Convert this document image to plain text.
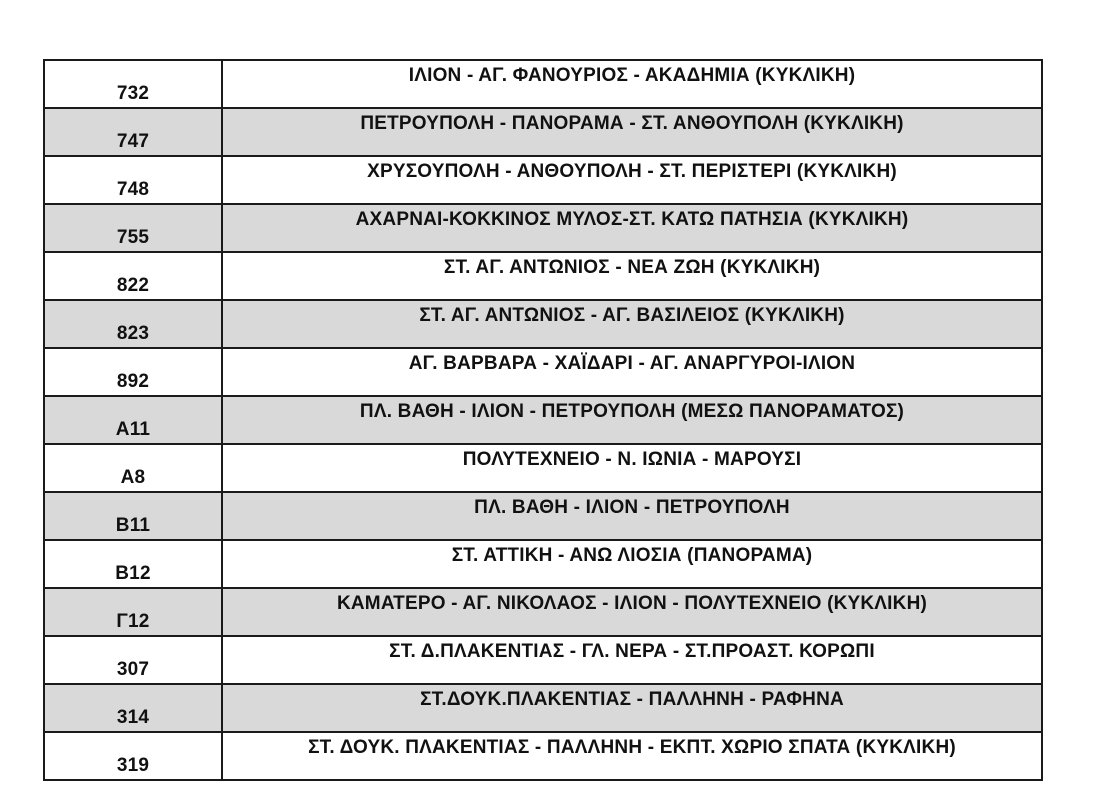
732	ΙΛΙΟΝ - ΑΓ. ΦΑΝΟΥΡΙΟΣ - ΑΚΑΔΗΜΙΑ (ΚΥΚΛΙΚΗ)
747	ΠΕΤΡΟΥΠΟΛΗ - ΠΑΝΟΡΑΜΑ - ΣΤ. ΑΝΘΟΥΠΟΛΗ (ΚΥΚΛΙΚΗ)
748	ΧΡΥΣΟΥΠΟΛΗ - ΑΝΘΟΥΠΟΛΗ - ΣΤ. ΠΕΡΙΣΤΕΡΙ (ΚΥΚΛΙΚΗ)
755	ΑΧΑΡΝΑΙ-ΚΟΚΚΙΝΟΣ ΜΥΛΟΣ-ΣΤ. ΚΑΤΩ ΠΑΤΗΣΙΑ (ΚΥΚΛΙΚΗ)
822	ΣΤ. ΑΓ. ΑΝΤΩΝΙΟΣ - ΝΕΑ ΖΩΗ (ΚΥΚΛΙΚΗ)
823	ΣΤ. ΑΓ. ΑΝΤΩΝΙΟΣ - ΑΓ. ΒΑΣΙΛΕΙΟΣ (ΚΥΚΛΙΚΗ)
892	ΑΓ. ΒΑΡΒΑΡΑ - ΧΑΪΔΑΡΙ - ΑΓ. ΑΝΑΡΓΥΡΟΙ-ΙΛΙΟΝ
Α11	ΠΛ. ΒΑΘΗ - ΙΛΙΟΝ - ΠΕΤΡΟΥΠΟΛΗ (ΜΕΣΩ ΠΑΝΟΡΑΜΑΤΟΣ)
Α8	ΠΟΛΥΤΕΧΝΕΙΟ - Ν. ΙΩΝΙΑ - ΜΑΡΟΥΣΙ
Β11	ΠΛ. ΒΑΘΗ - ΙΛΙΟΝ - ΠΕΤΡΟΥΠΟΛΗ
Β12	ΣΤ. ΑΤΤΙΚΗ - ΑΝΩ ΛΙΟΣΙΑ (ΠΑΝΟΡΑΜΑ)
Γ12	ΚΑΜΑΤΕΡΟ - ΑΓ. ΝΙΚΟΛΑΟΣ - ΙΛΙΟΝ - ΠΟΛΥΤΕΧΝΕΙΟ (ΚΥΚΛΙΚΗ)
307	ΣΤ. Δ.ΠΛΑΚΕΝΤΙΑΣ - ΓΛ. ΝΕΡΑ - ΣΤ.ΠΡΟΑΣΤ. ΚΟΡΩΠΙ
314	ΣΤ.ΔΟΥΚ.ΠΛΑΚΕΝΤΙΑΣ - ΠΑΛΛΗΝΗ - ΡΑΦΗΝΑ
319	ΣΤ. ΔΟΥΚ. ΠΛΑΚΕΝΤΙΑΣ - ΠΑΛΛΗΝΗ - ΕΚΠΤ. ΧΩΡΙΟ ΣΠΑΤΑ (ΚΥΚΛΙΚΗ)
